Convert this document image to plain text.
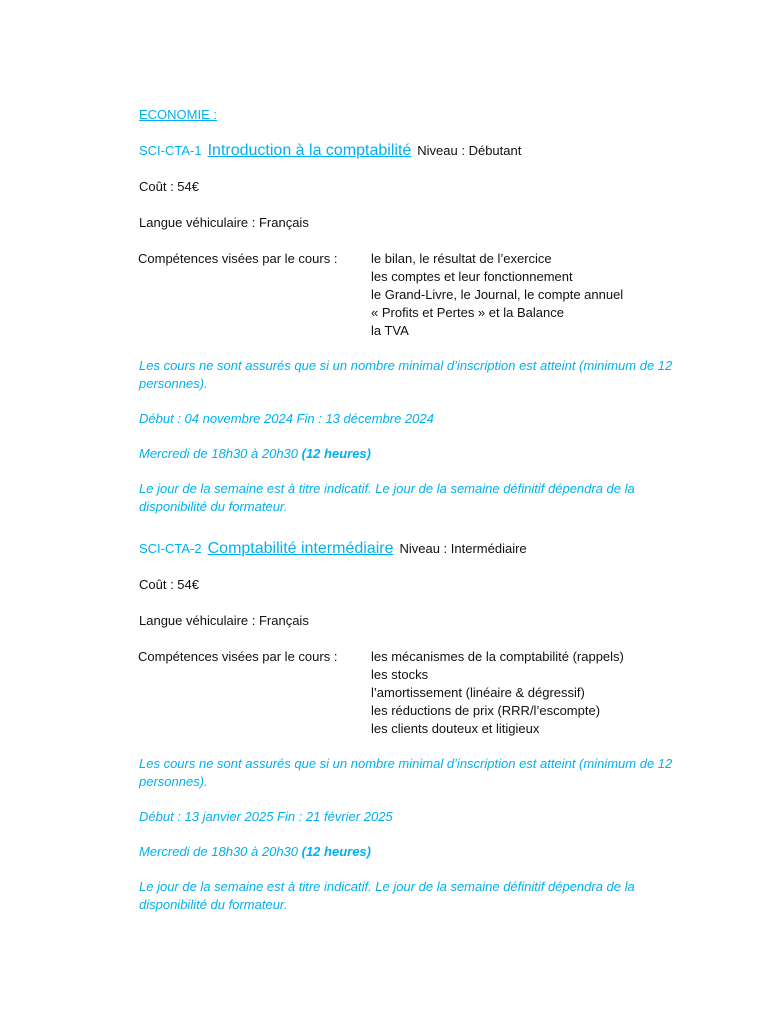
ECONOMIE :
SCI-CTA-1 Introduction à la comptabilité Niveau : Débutant
Coût : 54€
Langue véhiculaire : Français
Compétences visées par le cours :	le bilan, le résultat de l’exercice
les comptes et leur fonctionnement
le Grand-Livre, le Journal, le compte annuel
« Profits et Pertes » et la Balance
la TVA
Les cours ne sont assurés que si un nombre minimal d’inscription est atteint (minimum de 12 personnes).
Début : 04 novembre 2024 Fin : 13 décembre 2024
Mercredi de 18h30 à 20h30 (12 heures)
Le jour de la semaine est à titre indicatif. Le jour de la semaine définitif dépendra de la disponibilité du formateur.
SCI-CTA-2 Comptabilité intermédiaire Niveau : Intermédiaire
Coût : 54€
Langue véhiculaire : Français
Compétences visées par le cours :	les mécanismes de la comptabilité (rappels)
les stocks
l’amortissement (linéaire & dégressif)
les réductions de prix (RRR/l’escompte)
les clients douteux et litigieux
Les cours ne sont assurés que si un nombre minimal d’inscription est atteint (minimum de 12 personnes).
Début : 13 janvier 2025 Fin : 21 février 2025
Mercredi de 18h30 à 20h30 (12 heures)
Le jour de la semaine est à titre indicatif. Le jour de la semaine définitif dépendra de la disponibilité du formateur.
